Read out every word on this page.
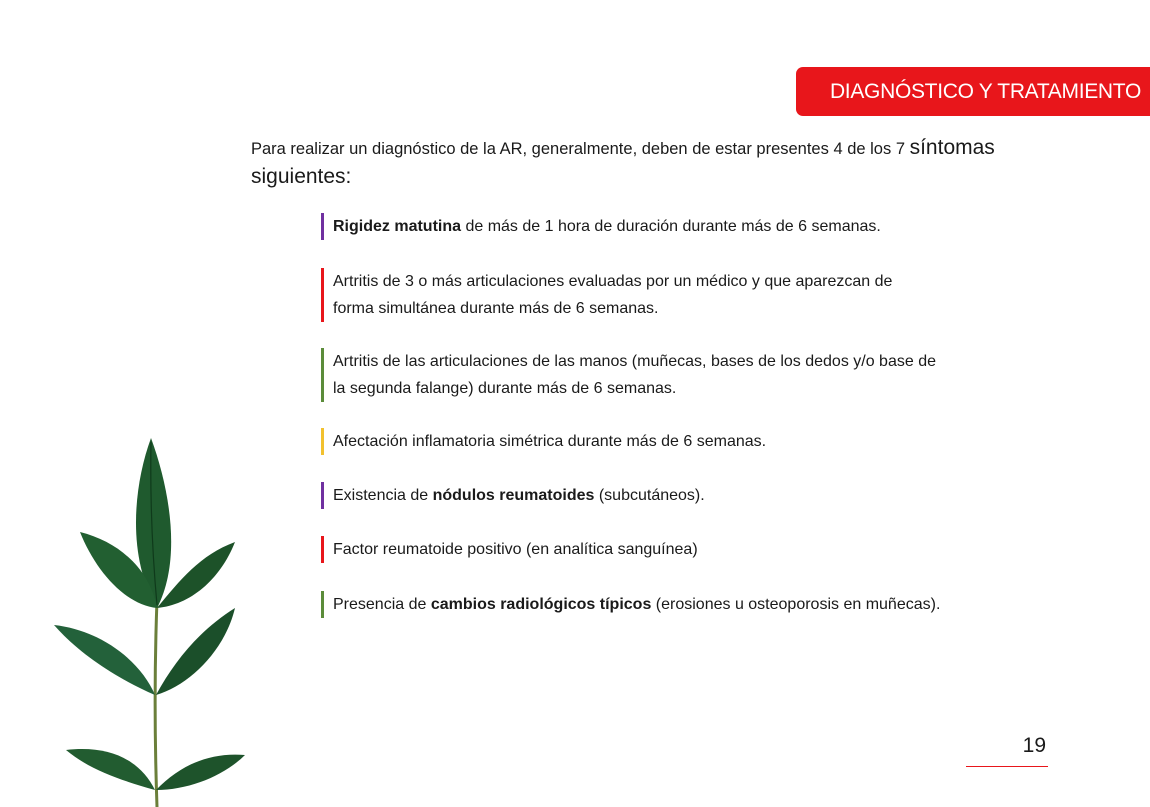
DIAGNÓSTICO Y TRATAMIENTO
Para realizar un diagnóstico de la AR, generalmente, deben de estar presentes 4 de los 7 síntomas
siguientes:
Rigidez matutina de más de 1 hora de duración durante más de 6 semanas.
Artritis de 3 o más articulaciones evaluadas por un médico y que aparezcan de
forma simultánea durante más de 6 semanas.
Artritis de las articulaciones de las manos (muñecas, bases de los dedos y/o base de
la segunda falange) durante más de 6 semanas.
Afectación inflamatoria simétrica durante más de 6 semanas.
Existencia de nódulos reumatoides (subcutáneos).
Factor reumatoide positivo (en analítica sanguínea)
Presencia de cambios radiológicos típicos (erosiones u osteoporosis en muñecas).
19
